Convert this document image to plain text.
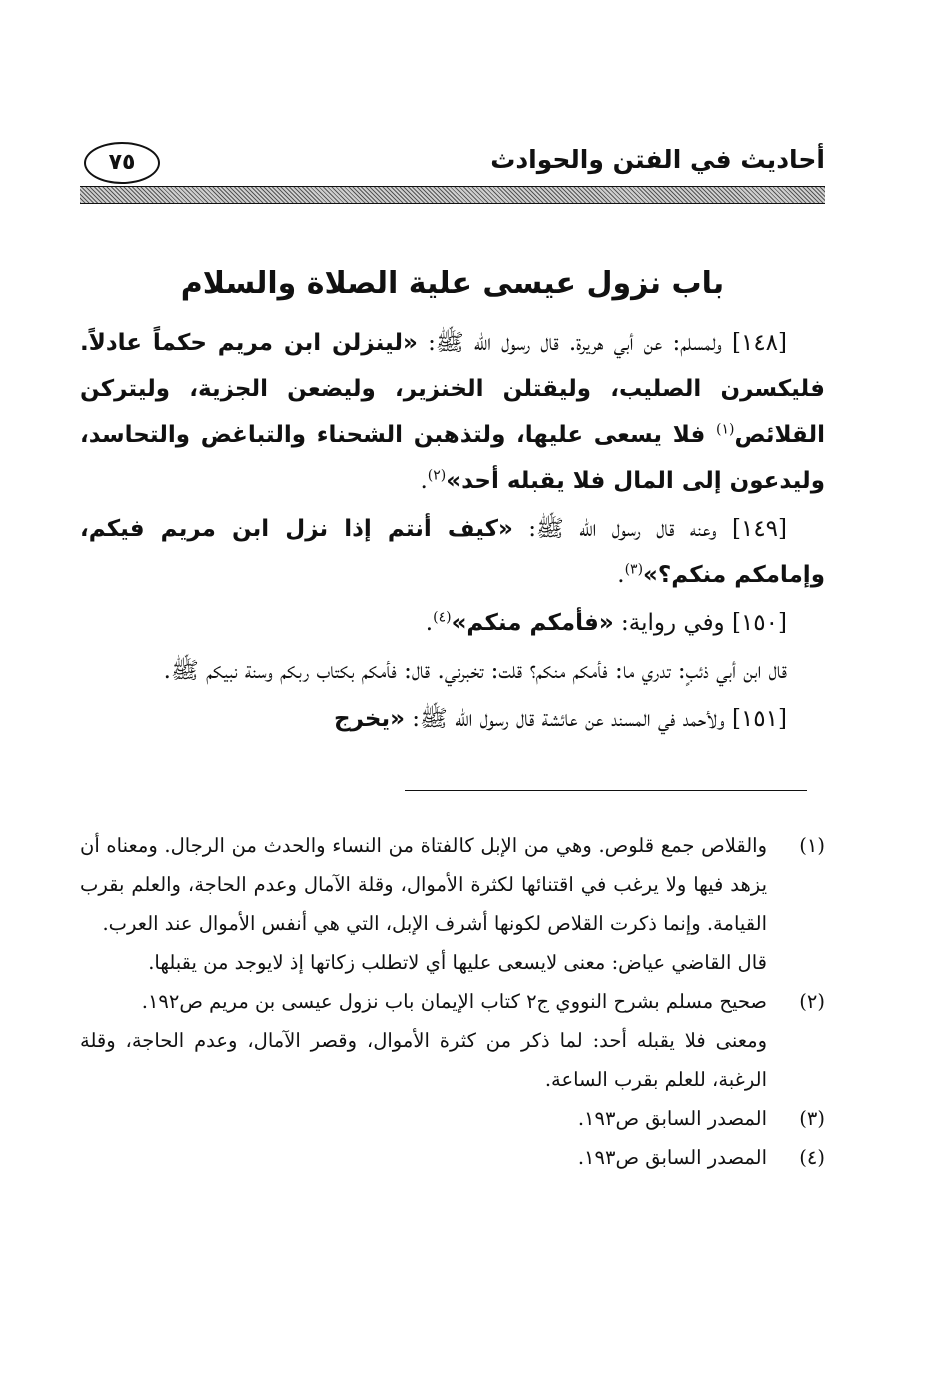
أحاديث في الفتن والحوادث
٧٥
باب نزول عيسى علية الصلاة والسلام

[١٤٨] ولمسلم: عن أبي هريرة. قال رسول الله ﷺ: «لينزلن ابن مريم حكماً عادلاً. فليكسرن الصليب، وليقتلن الخنزير، وليضعن الجزية، وليتركن القلائص$^{(١)}$ فلا يسعى عليها، ولتذهبن الشحناء والتباغض والتحاسد، وليدعون إلى المال فلا يقبله أحد»$^{(٢)}$.

[١٤٩] وعنه قال رسول الله ﷺ: «كيف أنتم إذا نزل ابن مريم فيكم، وإمامكم منكم؟»$^{(٣)}$.

[١٥٠] وفي رواية: «فأمكم منكم»$^{(٤)}$.

قال ابن أبي ذئبٍ: تدري ما: فأمكم منكم؟ قلت: تخبرني. قال: فأمكم بكتاب ربكم وسنة نبيكم ﷺ.

[١٥١] ولأحمد في المسند عن عائشة قال رسول الله ﷺ: «يخرج

(١)

والقلاص جمع قلوص. وهي من الإبل كالفتاة من النساء والحدث من الرجال. ومعناه أن يزهد فيها ولا يرغب في اقتنائها لكثرة الأموال، وقلة الآمال وعدم الحاجة، والعلم بقرب القيامة. وإنما ذكرت القلاص لكونها أشرف الإبل، التي هي أنفس الأموال عند العرب.

قال القاضي عياض: معنى لايسعى عليها أي لاتطلب زكاتها إذ لايوجد من يقبلها.

(٢)

صحيح مسلم بشرح النووي ج٢ كتاب الإيمان باب نزول عيسى بن مريم ص١٩٢.

ومعنى فلا يقبله أحد: لما ذكر من كثرة الأموال، وقصر الآمال، وعدم الحاجة، وقلة الرغبة، للعلم بقرب الساعة.

(٣)

المصدر السابق ص١٩٣.

(٤)

المصدر السابق ص١٩٣.
